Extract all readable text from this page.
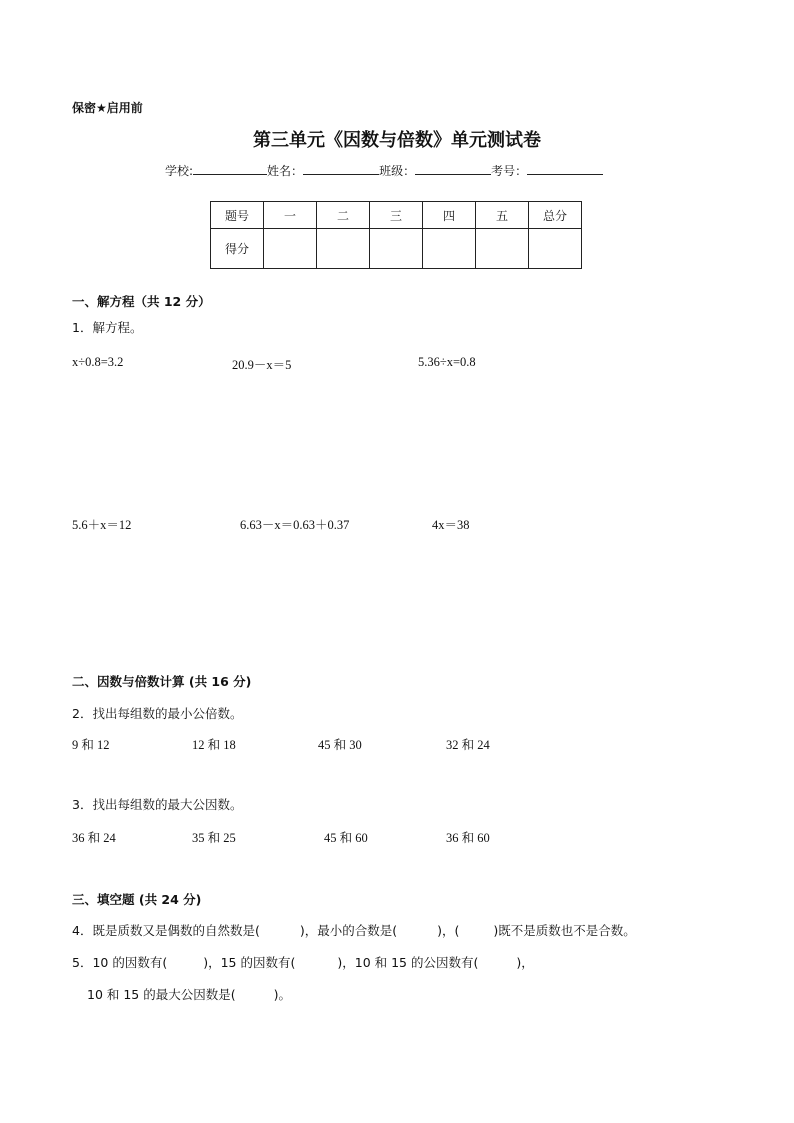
保密★启用前
第三单元《因数与倍数》单元测试卷
学校:	姓名：	班级：	考号：
题号	一	二	三	四	五	总分
得分						
一、解方程（共 12 分）
1．解方程。
x÷0.8=3.2	20.9－x＝5	5.36÷x=0.8
5.6＋x＝12	6.63－x＝0.63＋0.37	4x＝38
二、因数与倍数计算 (共 16 分)
2．找出每组数的最小公倍数。
9 和 12	12 和 18	45 和 30	32 和 24
3．找出每组数的最大公因数。
36 和 24	35 和 25	45 和 60	36 和 60
三、填空题 (共 24 分)
4．既是质数又是偶数的自然数是(	)，最小的合数是(	)，(	)既不是质数也不是合数。
5．10 的因数有(	)，15 的因数有(	)，10 和 15 的公因数有(	)，
10 和 15 的最大公因数是(	)。
